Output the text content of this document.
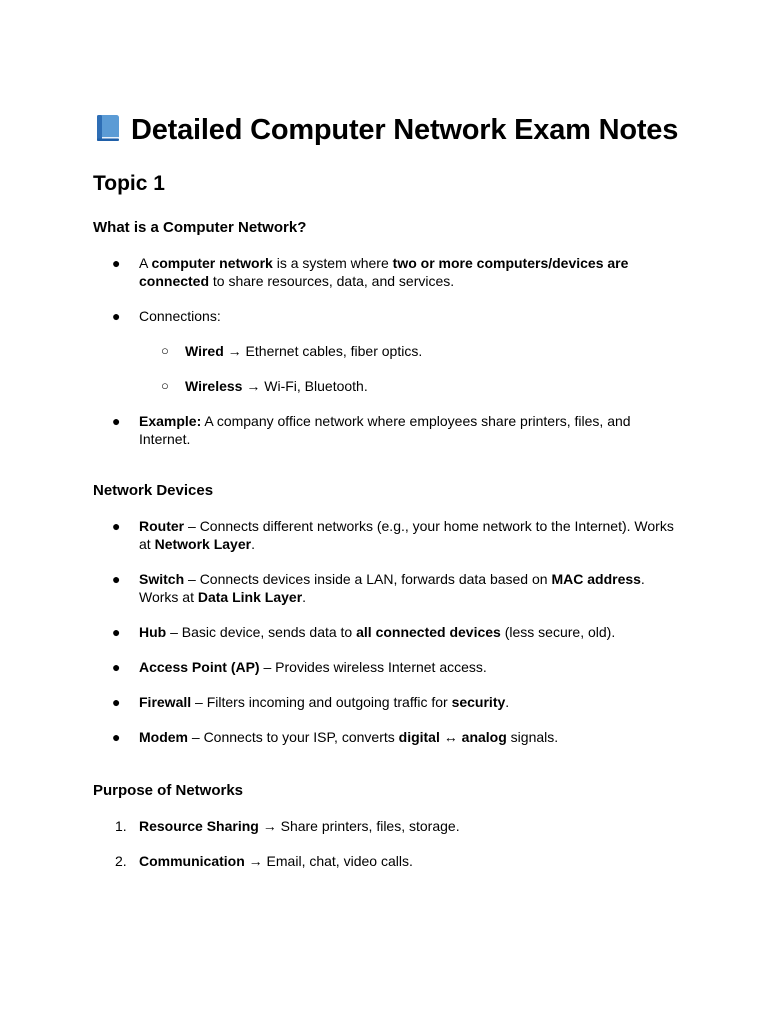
Detailed Computer Network Exam Notes
Topic 1
What is a Computer Network?
●	A computer network is a system where two or more computers/devices are connected to share resources, data, and services.
●	Connections:
○	Wired → Ethernet cables, fiber optics.
○	Wireless → Wi-Fi, Bluetooth.
●	Example: A company office network where employees share printers, files, and Internet.
Network Devices
●	Router – Connects different networks (e.g., your home network to the Internet). Works at Network Layer.
●	Switch – Connects devices inside a LAN, forwards data based on MAC address. Works at Data Link Layer.
●	Hub – Basic device, sends data to all connected devices (less secure, old).
●	Access Point (AP) – Provides wireless Internet access.
●	Firewall – Filters incoming and outgoing traffic for security.
●	Modem – Connects to your ISP, converts digital ↔ analog signals.
Purpose of Networks
1. Resource Sharing → Share printers, files, storage.
2. Communication → Email, chat, video calls.
